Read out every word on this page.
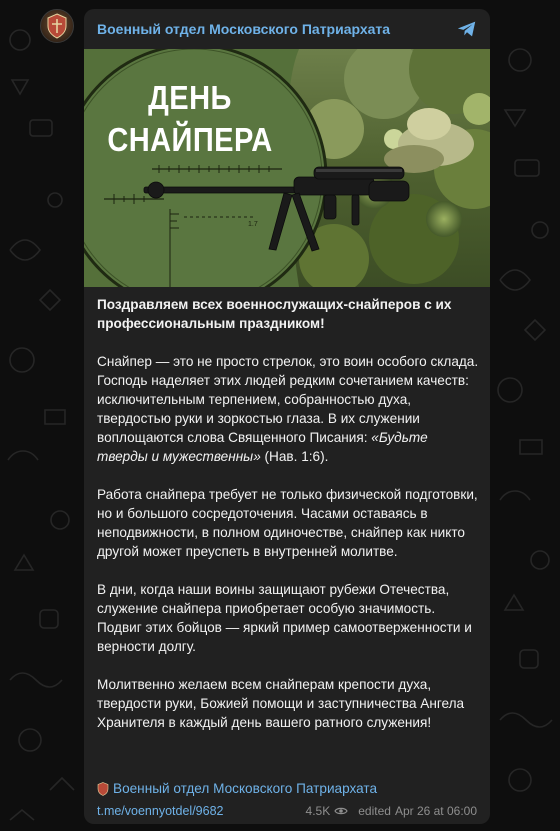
Военный отдел Московского Патриархата
ДЕНЬ
СНАЙПЕРА
1.7

Поздравляем всех военнослужащих-снайперов с их профессиональным праздником!

Снайпер — это не просто стрелок, это воин особого склада. Господь наделяет этих людей редким сочетанием качеств: исключительным терпением, собранностью духа, твердостью руки и зоркостью глаза. В их служении воплощаются слова Священного Писания: «Будьте тверды и мужественны» (Нав. 1:6).

Работа снайпера требует не только физической подготовки, но и большого сосредоточения. Часами оставаясь в неподвижности, в полном одиночестве, снайпер как никто другой может преуспеть в внутренней молитве.

В дни, когда наши воины защищают рубежи Отечества, служение снайпера приобретает особую значимость. Подвиг этих бойцов — яркий пример самоотверженности и верности долгу.

Молитвенно желаем всем снайперам крепости духа, твердости руки, Божией помощи и заступничества Ангела Хранителя в каждый день вашего ратного служения!

Военный отдел Московского Патриархата
t.me/voennyotdel/9682	4.5K edited Apr 26 at 06:00
